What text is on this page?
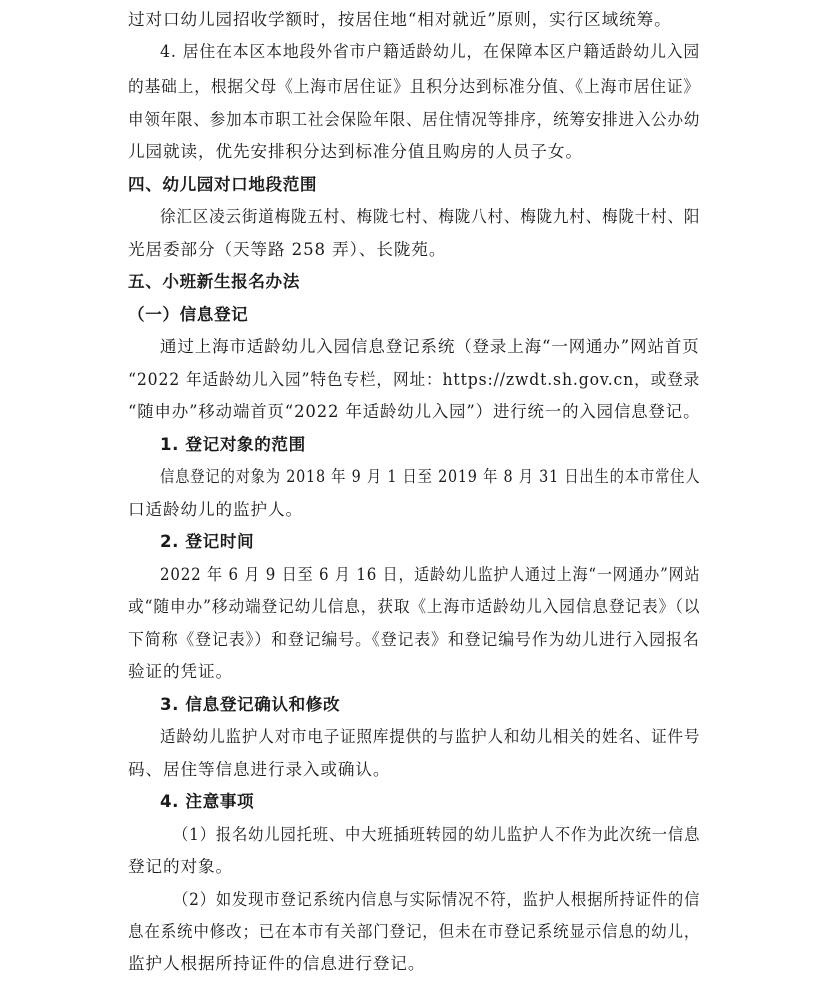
过对口幼儿园招收学额时，按居住地“相对就近”原则，实行区域统筹。
4. 居住在本区本地段外省市户籍适龄幼儿，在保障本区户籍适龄幼儿入园
的基础上，根据父母《上海市居住证》且积分达到标准分值、《上海市居住证》
申领年限、参加本市职工社会保险年限、居住情况等排序，统筹安排进入公办幼
儿园就读，优先安排积分达到标准分值且购房的人员子女。
四、幼儿园对口地段范围
徐汇区凌云街道梅陇五村、梅陇七村、梅陇八村、梅陇九村、梅陇十村、阳
光居委部分（天等路 258 弄）、长陇苑。
五、小班新生报名办法
（一）信息登记
通过上海市适龄幼儿入园信息登记系统（登录上海“一网通办”网站首页
“2022 年适龄幼儿入园”特色专栏，网址：https://zwdt.sh.gov.cn，或登录
“随申办”移动端首页“2022 年适龄幼儿入园”）进行统一的入园信息登记。
1. 登记对象的范围
信息登记的对象为 2018 年 9 月 1 日至 2019 年 8 月 31 日出生的本市常住人
口适龄幼儿的监护人。
2. 登记时间
2022 年 6 月 9 日至 6 月 16 日，适龄幼儿监护人通过上海“一网通办”网站
或“随申办”移动端登记幼儿信息，获取《上海市适龄幼儿入园信息登记表》（以
下简称《登记表》）和登记编号。《登记表》和登记编号作为幼儿进行入园报名
验证的凭证。
3. 信息登记确认和修改
适龄幼儿监护人对市电子证照库提供的与监护人和幼儿相关的姓名、证件号
码、居住等信息进行录入或确认。
4. 注意事项
（1）报名幼儿园托班、中大班插班转园的幼儿监护人不作为此次统一信息
登记的对象。
（2）如发现市登记系统内信息与实际情况不符，监护人根据所持证件的信
息在系统中修改；已在本市有关部门登记，但未在市登记系统显示信息的幼儿，
监护人根据所持证件的信息进行登记。
